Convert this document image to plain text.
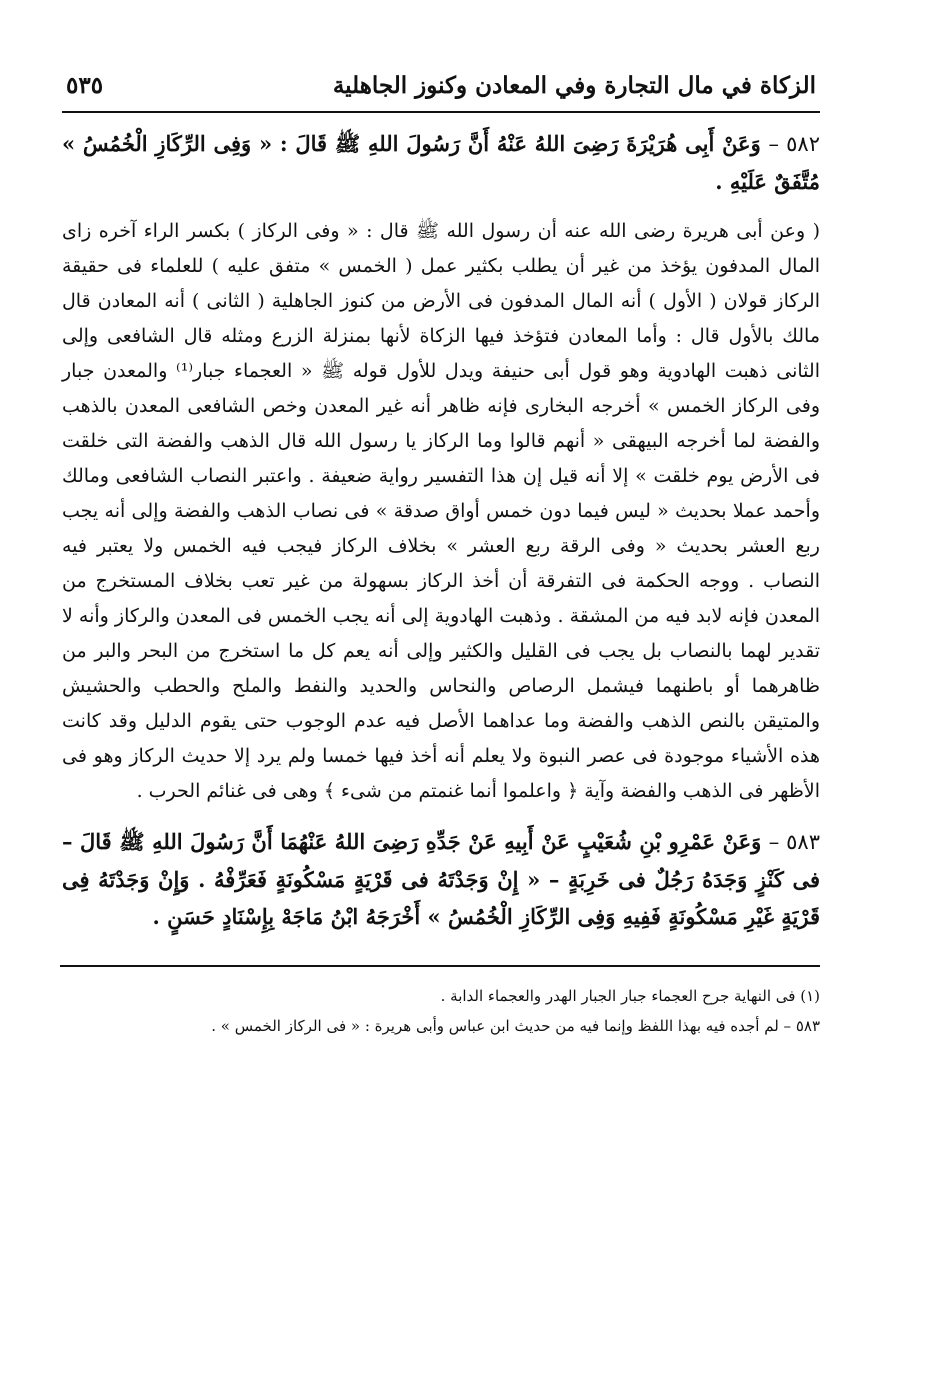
الزكاة في مال التجارة وفي المعادن وكنوز الجاهلية
٥٣٥

٥٨٢ – وَعَنْ أَبِى هُرَيْرَةَ رَضِىَ اللهُ عَنْهُ أَنَّ رَسُولَ اللهِ ﷺ قَالَ : « وَفِى الرِّكَازِ الْخُمُسُ » مُتَّفَقٌ عَلَيْهِ .

( وعن أبى هريرة رضى الله عنه أن رسول الله ﷺ قال : « وفى الركاز ) بكسر الراء آخره زاى المال المدفون يؤخذ من غير أن يطلب بكثير عمل ( الخمس » متفق عليه ) للعلماء فى حقيقة الركاز قولان ( الأول ) أنه المال المدفون فى الأرض من كنوز الجاهلية ( الثانى ) أنه المعادن قال مالك بالأول قال : وأما المعادن فتؤخذ فيها الزكاة لأنها بمنزلة الزرع ومثله قال الشافعى وإلى الثانى ذهبت الهادوية وهو قول أبى حنيفة ويدل للأول قوله ﷺ « العجماء جبار⁽¹⁾ والمعدن جبار وفى الركاز الخمس » أخرجه البخارى فإنه ظاهر أنه غير المعدن وخص الشافعى المعدن بالذهب والفضة لما أخرجه البيهقى « أنهم قالوا وما الركاز يا رسول الله قال الذهب والفضة التى خلقت فى الأرض يوم خلقت » إلا أنه قيل إن هذا التفسير رواية ضعيفة . واعتبر النصاب الشافعى ومالك وأحمد عملا بحديث « ليس فيما دون خمس أواق صدقة » فى نصاب الذهب والفضة وإلى أنه يجب ربع العشر بحديث « وفى الرقة ربع العشر » بخلاف الركاز فيجب فيه الخمس ولا يعتبر فيه النصاب . ووجه الحكمة فى التفرقة أن أخذ الركاز بسهولة من غير تعب بخلاف المستخرج من المعدن فإنه لابد فيه من المشقة . وذهبت الهادوية إلى أنه يجب الخمس فى المعدن والركاز وأنه لا تقدير لهما بالنصاب بل يجب فى القليل والكثير وإلى أنه يعم كل ما استخرج من البحر والبر من ظاهرهما أو باطنهما فيشمل الرصاص والنحاس والحديد والنفط والملح والحطب والحشيش والمتيقن بالنص الذهب والفضة وما عداهما الأصل فيه عدم الوجوب حتى يقوم الدليل وقد كانت هذه الأشياء موجودة فى عصر النبوة ولا يعلم أنه أخذ فيها خمسا ولم يرد إلا حديث الركاز وهو فى الأظهر فى الذهب والفضة وآية ﴿ واعلموا أنما غنمتم من شىء ﴾ وهى فى غنائم الحرب .

٥٨٣ – وَعَنْ عَمْرِو بْنِ شُعَيْبٍ عَنْ أَبِيهِ عَنْ جَدِّهِ رَضِىَ اللهُ عَنْهُمَا أَنَّ رَسُولَ اللهِ ﷺ قَالَ – فى كَنْزٍ وَجَدَهُ رَجُلٌ فى خَرِبَةٍ – « إِنْ وَجَدْتَهُ فى قَرْيَةٍ مَسْكُونَةٍ فَعَرِّفْهُ . وَإِنْ وَجَدْتَهُ فِى قَرْيَةٍ غَيْرِ مَسْكُونَةٍ فَفِيهِ وَفِى الرِّكَازِ الْخُمُسُ » أَخْرَجَهُ ابْنُ مَاجَهْ بِإِسْنَادٍ حَسَنٍ .

(١) فى النهاية جرح العجماء جبار الجبار الهدر والعجماء الدابة .

٥٨٣ – لم أجده فيه بهذا اللفظ وإنما فيه من حديث ابن عباس وأبى هريرة : « فى الركاز الخمس » .
